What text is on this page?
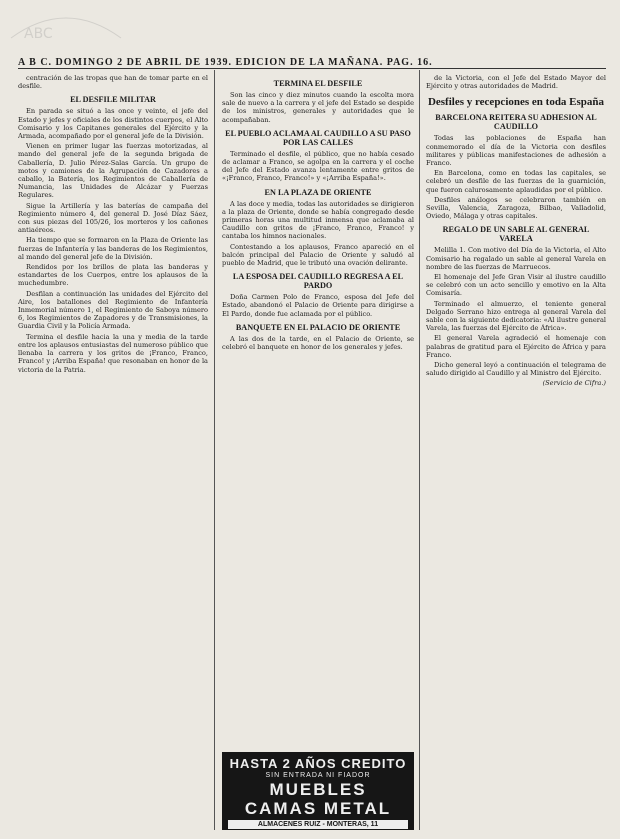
ABC
A B C. DOMINGO 2 DE ABRIL DE 1939. EDICION DE LA MAÑANA. PAG. 16.

centración de las tropas que han de tomar parte en el desfile.

EL DESFILE MILITAR

En parada se situó a las once y veinte, el jefe del Estado y jefes y oficiales de los distintos cuerpos, el Alto Comisario y los Capitanes generales del Ejército y la Armada, acompañado por el general jefe de la División.

Vienen en primer lugar las fuerzas motorizadas, al mando del general jefe de la segunda brigada de Caballería, D. Julio Pérez-Salas García. Un grupo de motos y camiones de la Agrupación de Cazadores a caballo, la Batería, los Regimientos de Caballería de Numancia, las Unidades de Alcázar y Fuerzas Regulares.

Sigue la Artillería y las baterías de campaña del Regimiento número 4, del general D. José Díaz Sáez, con sus piezas del 105/26, los morteros y los cañones antiaéreos.

Ha tiempo que se formaron en la Plaza de Oriente las fuerzas de Infantería y las banderas de los Regimientos, al mando del general jefe de la División.

Rendidos por los brillos de plata las banderas y estandartes de los Cuerpos, entre los aplausos de la muchedumbre.

Desfilan a continuación las unidades del Ejército del Aire, los batallones del Regimiento de Infantería Inmemorial número 1, el Regimiento de Saboya número 6, los Regimientos de Zapadores y de Transmisiones, la Guardia Civil y la Policía Armada.

Termina el desfile hacia la una y media de la tarde entre los aplausos entusiastas del numeroso público que llenaba la carrera y los gritos de ¡Franco, Franco, Franco! y ¡Arriba España! que resonaban en honor de la victoria de la Patria.

TERMINA EL DESFILE

Son las cinco y diez minutos cuando la escolta mora sale de nuevo a la carrera y el jefe del Estado se despide de los ministros, generales y autoridades que le acompañaban.

EL PUEBLO ACLAMA AL CAUDILLO A SU PASO POR LAS CALLES

Terminado el desfile, el público, que no había cesado de aclamar a Franco, se agolpa en la carrera y el coche del Jefe del Estado avanza lentamente entre gritos de «¡Franco, Franco, Franco!» y «¡Arriba España!».

EN LA PLAZA DE ORIENTE

A las doce y media, todas las autoridades se dirigieron a la plaza de Oriente, donde se había congregado desde primeras horas una multitud inmensa que aclamaba al Caudillo con gritos de ¡Franco, Franco, Franco! y cantaba los himnos nacionales.

Contestando a los aplausos, Franco apareció en el balcón principal del Palacio de Oriente y saludó al pueblo de Madrid, que le tributó una ovación delirante.

LA ESPOSA DEL CAUDILLO REGRESA A EL PARDO

Doña Carmen Polo de Franco, esposa del Jefe del Estado, abandonó el Palacio de Oriente para dirigirse a El Pardo, donde fue aclamada por el público.

BANQUETE EN EL PALACIO DE ORIENTE

A las dos de la tarde, en el Palacio de Oriente, se celebró el banquete en honor de los generales y jefes.

HASTA 2 AÑOS CREDITO
SIN ENTRADA NI FIADOR
MUEBLES
CAMAS METAL
ALMACENES RUIZ - MONTERAS, 11

de la Victoria, con el Jefe del Estado Mayor del Ejército y otras autoridades de Madrid.

Desfiles y recepciones en toda España
BARCELONA REITERA SU ADHESION AL CAUDILLO

Todas las poblaciones de España han conmemorado el día de la Victoria con desfiles militares y públicas manifestaciones de adhesión a Franco.

En Barcelona, como en todas las capitales, se celebró un desfile de las fuerzas de la guarnición, que fueron calurosamente aplaudidas por el público.

Desfiles análogos se celebraron también en Sevilla, Valencia, Zaragoza, Bilbao, Valladolid, Oviedo, Málaga y otras capitales.

REGALO DE UN SABLE AL GENERAL VARELA

Melilla 1. Con motivo del Día de la Victoria, el Alto Comisario ha regalado un sable al general Varela en nombre de las fuerzas de Marruecos.

El homenaje del Jefe Gran Visir al ilustre caudillo se celebró con un acto sencillo y emotivo en la Alta Comisaría.

Terminado el almuerzo, el teniente general Delgado Serrano hizo entrega al general Varela del sable con la siguiente dedicatoria: «Al ilustre general Varela, las fuerzas del Ejército de África».

El general Varela agradeció el homenaje con palabras de gratitud para el Ejército de África y para Franco.

Dicho general leyó a continuación el telegrama de saludo dirigido al Caudillo y al Ministro del Ejército.

(Servicio de Cifra.)
